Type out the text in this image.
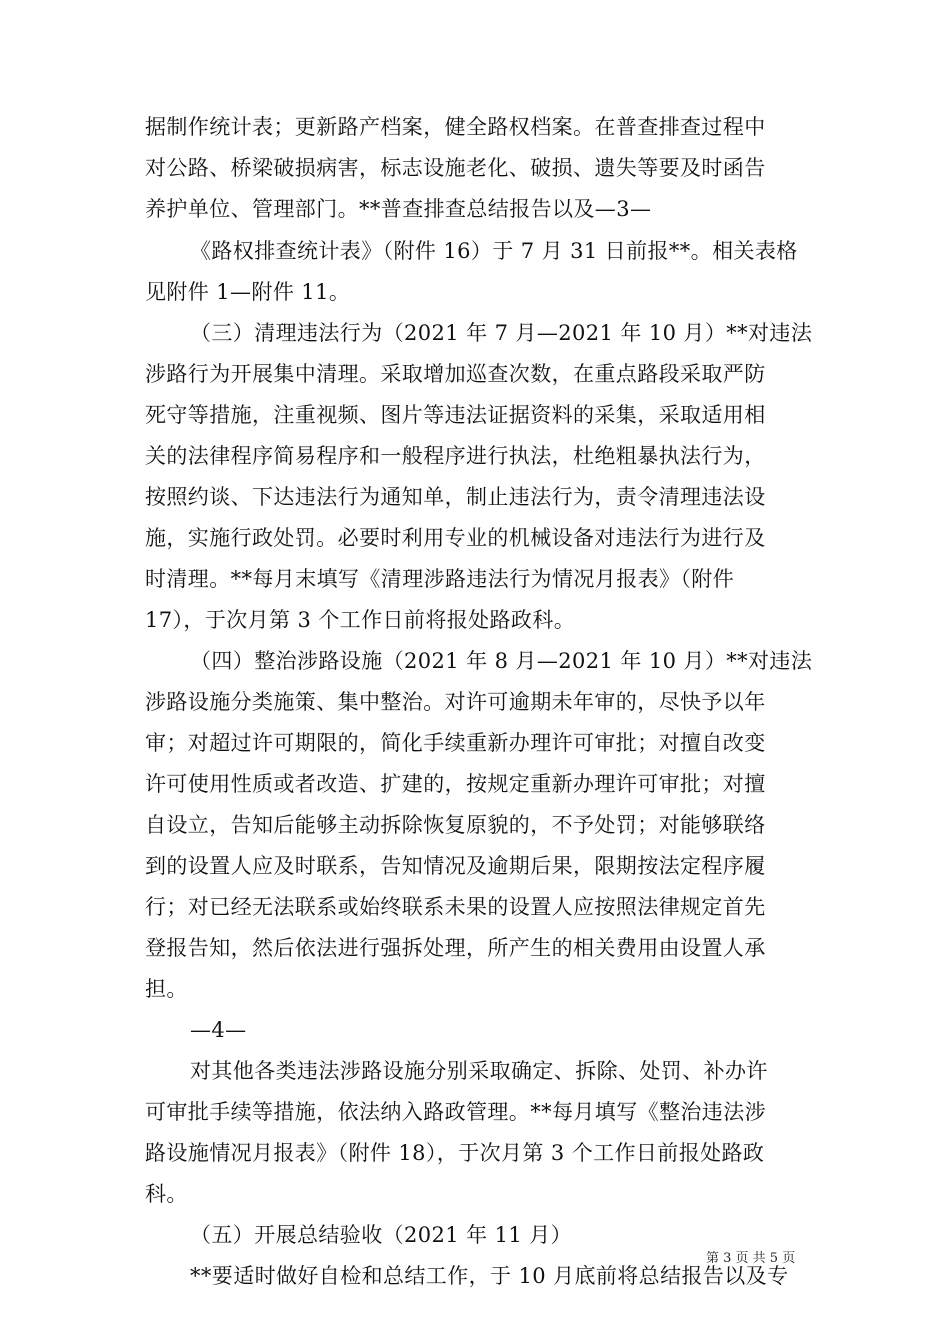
据制作统计表；更新路产档案，健全路权档案。在普查排查过程中
对公路、桥梁破损病害，标志设施老化、破损、遗失等要及时函告
养护单位、管理部门。**普查排查总结报告以及—3—
《路权排查统计表》（附件 16）于 7 月 31 日前报**。相关表格
见附件 1—附件 11。
（三）清理违法行为（2021 年 7 月—2021 年 10 月）**对违法
涉路行为开展集中清理。采取增加巡查次数，在重点路段采取严防
死守等措施，注重视频、图片等违法证据资料的采集，采取适用相
关的法律程序简易程序和一般程序进行执法，杜绝粗暴执法行为，
按照约谈、下达违法行为通知单，制止违法行为，责令清理违法设
施，实施行政处罚。必要时利用专业的机械设备对违法行为进行及
时清理。**每月末填写《清理涉路违法行为情况月报表》（附件
17），于次月第 3 个工作日前将报处路政科。
（四）整治涉路设施（2021 年 8 月—2021 年 10 月）**对违法
涉路设施分类施策、集中整治。对许可逾期未年审的，尽快予以年
审；对超过许可期限的，简化手续重新办理许可审批；对擅自改变
许可使用性质或者改造、扩建的，按规定重新办理许可审批；对擅
自设立，告知后能够主动拆除恢复原貌的，不予处罚；对能够联络
到的设置人应及时联系，告知情况及逾期后果，限期按法定程序履
行；对已经无法联系或始终联系未果的设置人应按照法律规定首先
登报告知，然后依法进行强拆处理，所产生的相关费用由设置人承
担。
—4—
对其他各类违法涉路设施分别采取确定、拆除、处罚、补办许
可审批手续等措施，依法纳入路政管理。**每月填写《整治违法涉
路设施情况月报表》（附件 18），于次月第 3 个工作日前报处路政
科。
（五）开展总结验收（2021 年 11 月）
**要适时做好自检和总结工作，于 10 月底前将总结报告以及专
第 3 页 共 5 页
